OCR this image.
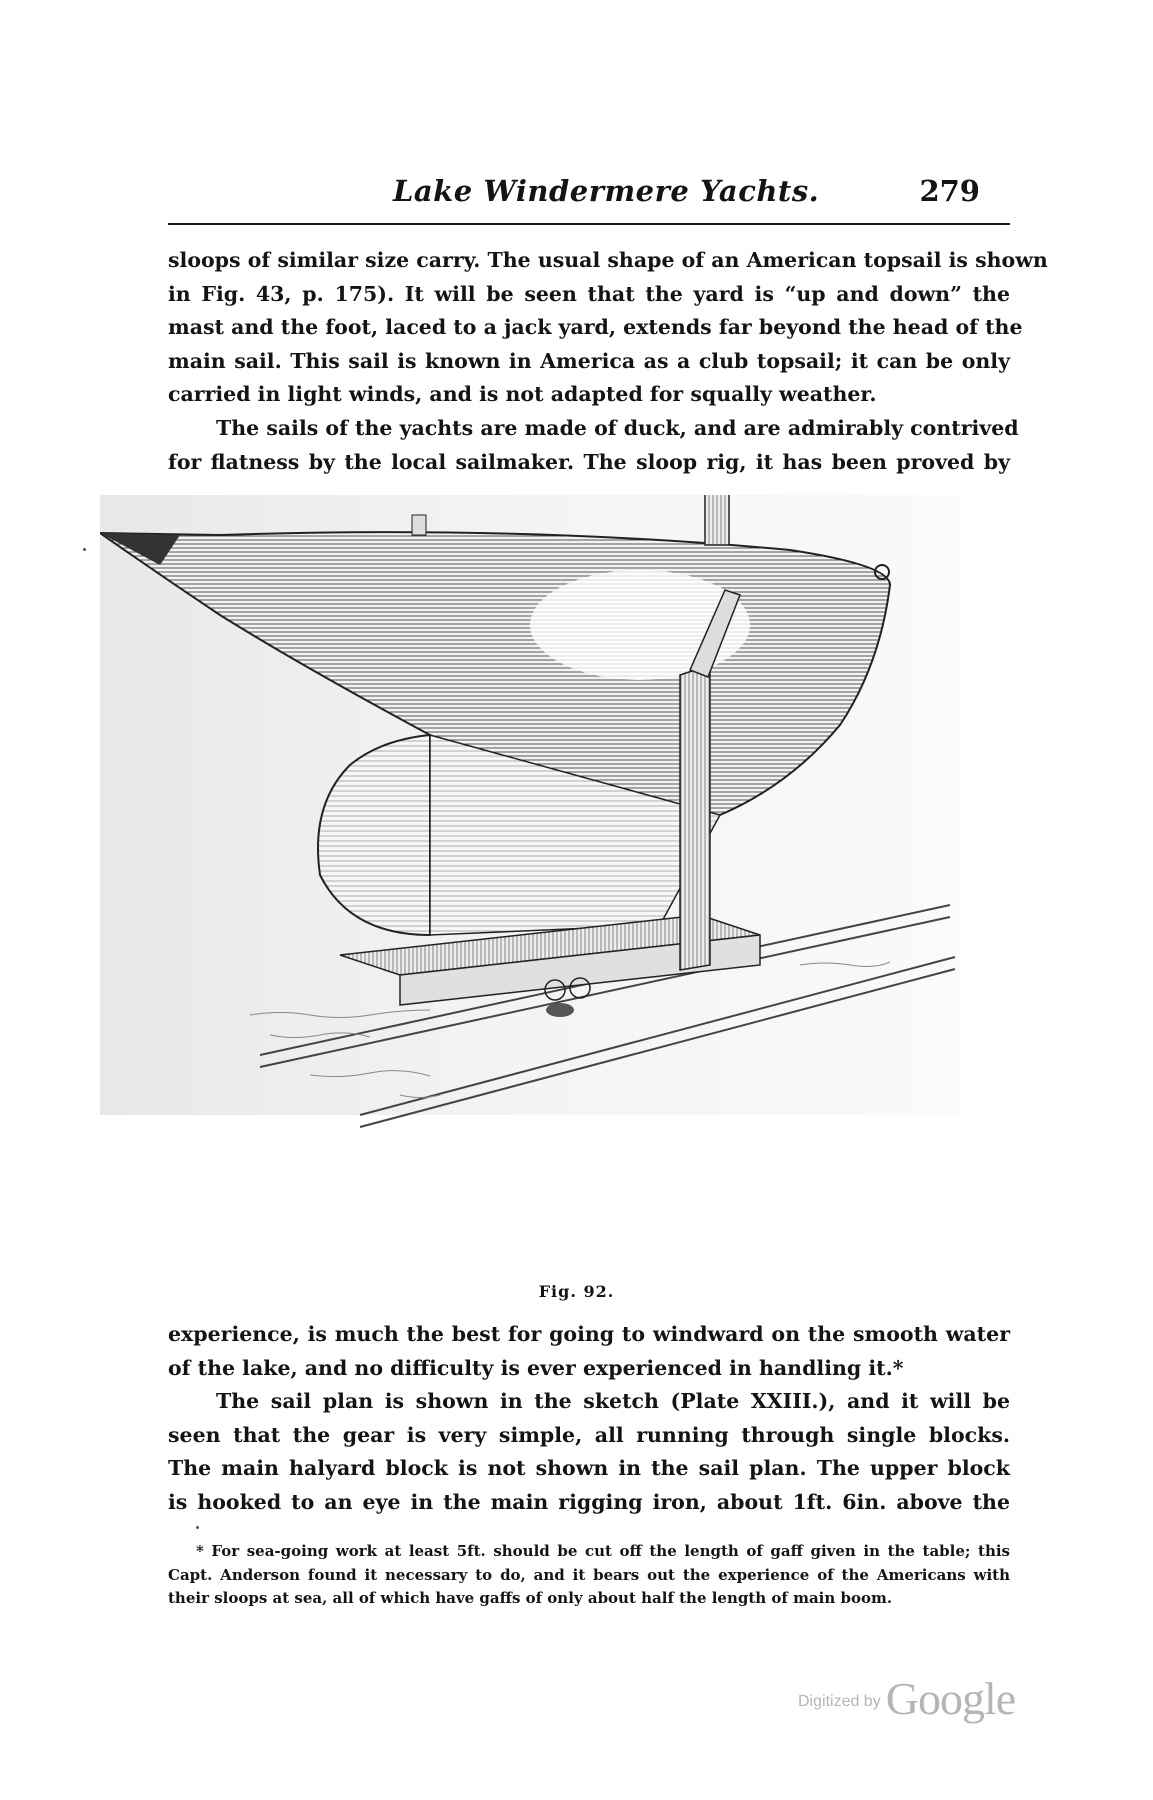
Lake Windermere Yachts.	279
sloops of similar size carry. The usual shape of an American topsail is shown
in Fig. 43, p. 175). It will be seen that the yard is “up and down” the
mast and the foot, laced to a jack yard, extends far beyond the head of the
main sail. This sail is known in America as a club topsail; it can be only
carried in light winds, and is not adapted for squally weather.
The sails of the yachts are made of duck, and are admirably contrived
for flatness by the local sailmaker. The sloop rig, it has been proved by
Fig. 92.
experience, is much the best for going to windward on the smooth water
of the lake, and no difficulty is ever experienced in handling it.*
The sail plan is shown in the sketch (Plate XXIII.), and it will be
seen that the gear is very simple, all running through single blocks.
The main halyard block is not shown in the sail plan. The upper block
is hooked to an eye in the main rigging iron, about 1ft. 6in. above the
* For sea-going work at least 5ft. should be cut off the length of gaff given in the table; this
Capt. Anderson found it necessary to do, and it bears out the experience of the Americans with
their sloops at sea, all of which have gaffs of only about half the length of main boom.
Digitized by Google
